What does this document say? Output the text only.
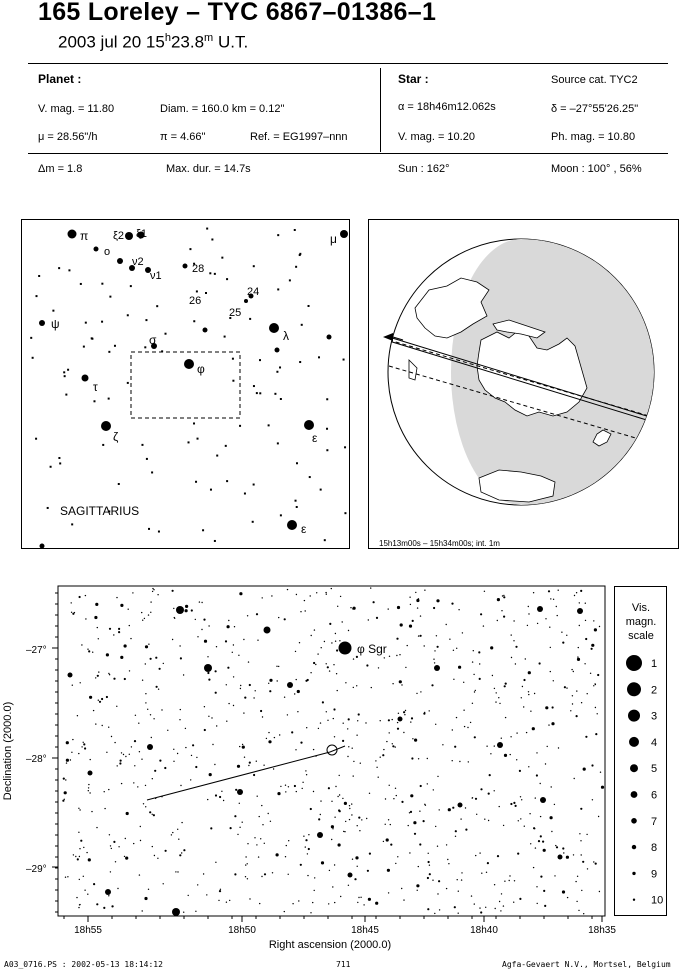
165 Loreley – TYC 6867–01386–1
2003 jul 20 15$^h$23.8$^m$ U.T.
Planet :	Star :	Source cat. TYC2
V. mag. = 11.80	Diam. = 160.0 km = 0.12"	α = 18h46m12.062s	δ = –27°55'26.25"
μ = 28.56"/h	π = 4.66"	Ref. = EG1997–nnn	V. mag. = 10.20	Ph. mag. = 10.80
Δm = 1.8	Max. dur. = 14.7s	Sun : 162°	Moon : 100° , 56%
π
o
ξ2 ξ1	μ
ν2
ν1
28
24
26
25
ψ
σ	λ
φ
τ
ζ	ε
ε
SAGITTARIUS
15h13m00s – 15h34m00s; int. 1m
φ Sgr
–27°
–28°
–29°
18h55	18h50	18h45	18h40	18h35
Right ascension (2000.0)
Declination (2000.0)
Vis.
magn.
scale
1
2
3
4
5
6
7
8
9
10
A03_0716.PS : 2002-05-13 18:14:12	711	Agfa-Gevaert N.V., Mortsel, Belgium
